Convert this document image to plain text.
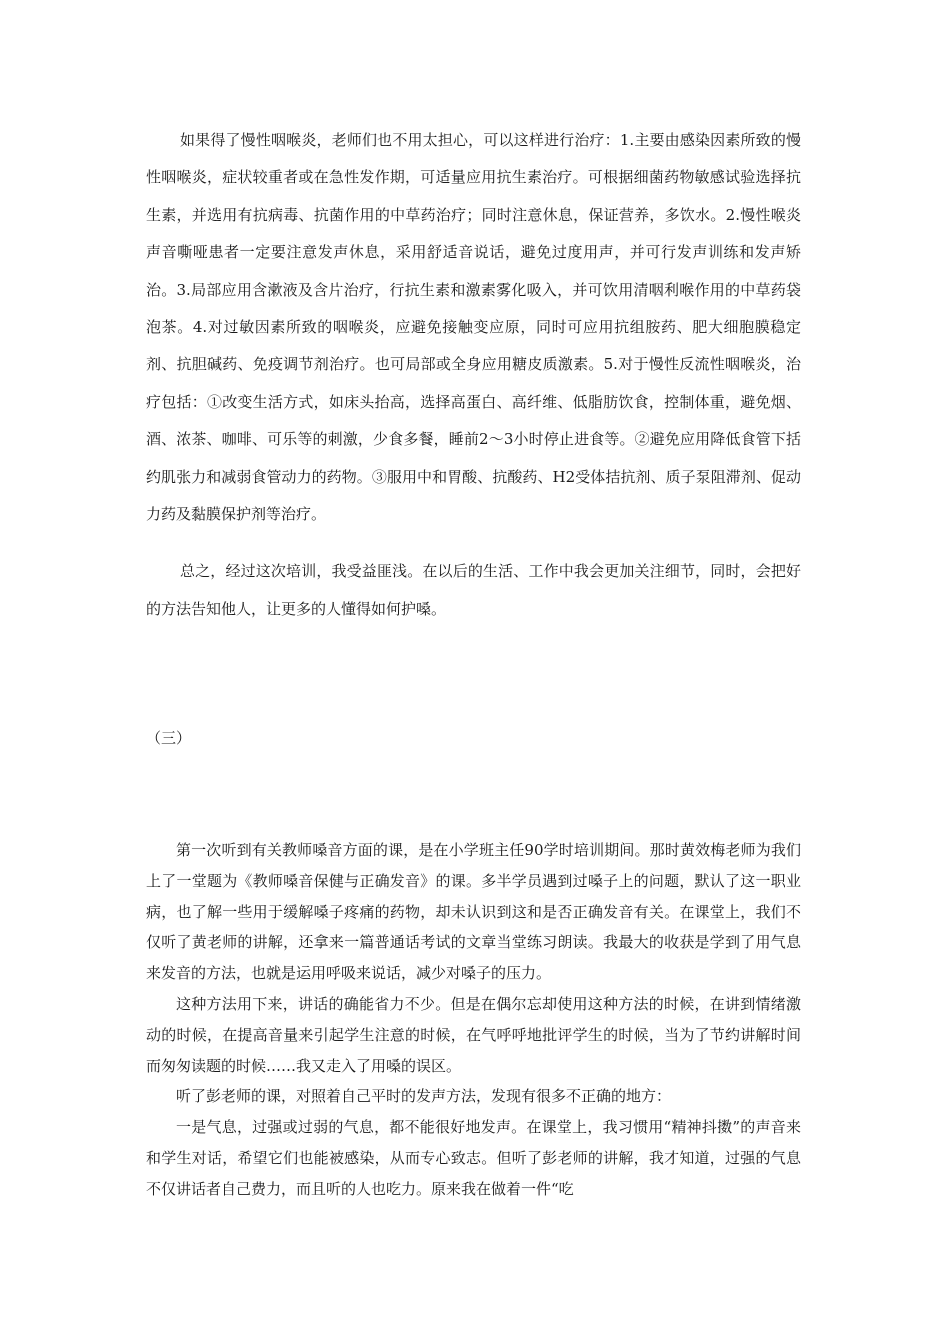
如果得了慢性咽喉炎，老师们也不用太担心，可以这样进行治疗：1.主要由感染因素所致的慢性咽喉炎，症状较重者或在急性发作期，可适量应用抗生素治疗。可根据细菌药物敏感试验选择抗生素，并选用有抗病毒、抗菌作用的中草药治疗；同时注意休息，保证营养，多饮水。2.慢性喉炎声音嘶哑患者一定要注意发声休息，采用舒适音说话，避免过度用声，并可行发声训练和发声矫治。3.局部应用含漱液及含片治疗，行抗生素和激素雾化吸入，并可饮用清咽利喉作用的中草药袋泡茶。4.对过敏因素所致的咽喉炎，应避免接触变应原，同时可应用抗组胺药、肥大细胞膜稳定剂、抗胆碱药、免疫调节剂治疗。也可局部或全身应用糖皮质激素。5.对于慢性反流性咽喉炎，治疗包括：①改变生活方式，如床头抬高，选择高蛋白、高纤维、低脂肪饮食，控制体重，避免烟、酒、浓茶、咖啡、可乐等的刺激，少食多餐，睡前2～3小时停止进食等。②避免应用降低食管下括约肌张力和减弱食管动力的药物。③服用中和胃酸、抗酸药、H2受体拮抗剂、质子泵阻滞剂、促动力药及黏膜保护剂等治疗。

总之，经过这次培训，我受益匪浅。在以后的生活、工作中我会更加关注细节，同时，会把好的方法告知他人，让更多的人懂得如何护嗓。

（三）

第一次听到有关教师嗓音方面的课，是在小学班主任90学时培训期间。那时黄效梅老师为我们上了一堂题为《教师嗓音保健与正确发音》的课。多半学员遇到过嗓子上的问题，默认了这一职业病，也了解一些用于缓解嗓子疼痛的药物，却未认识到这和是否正确发音有关。在课堂上，我们不仅听了黄老师的讲解，还拿来一篇普通话考试的文章当堂练习朗读。我最大的收获是学到了用气息来发音的方法，也就是运用呼吸来说话，减少对嗓子的压力。

这种方法用下来，讲话的确能省力不少。但是在偶尔忘却使用这种方法的时候，在讲到情绪激动的时候，在提高音量来引起学生注意的时候，在气呼呼地批评学生的时候，当为了节约讲解时间而匆匆读题的时候……我又走入了用嗓的误区。

听了彭老师的课，对照着自己平时的发声方法，发现有很多不正确的地方：

一是气息，过强或过弱的气息，都不能很好地发声。在课堂上，我习惯用“精神抖擞”的声音来和学生对话，希望它们也能被感染，从而专心致志。但听了彭老师的讲解，我才知道，过强的气息不仅讲话者自己费力，而且听的人也吃力。原来我在做着一件“吃
